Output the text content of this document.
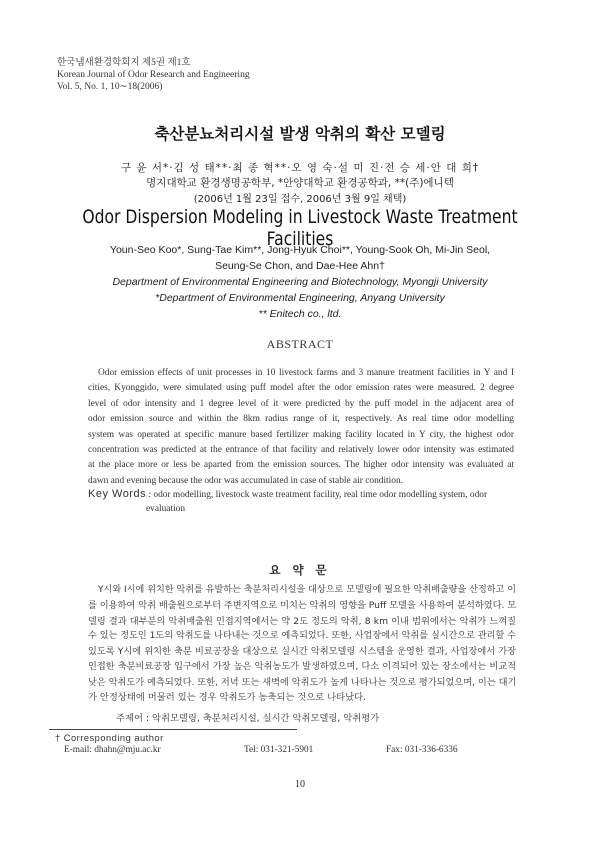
한국냄새환경학회지 제5권 제1호
Korean Journal of Odor Research and Engineering
Vol. 5, No. 1, 10∼18(2006)
축산분뇨처리시설 발생 악취의 확산 모델링
구 윤 서*·김 성 태**·최 종 혁**·오 영 숙·설 미 진·전 승 세·안 대 희†
명지대학교 환경생명공학부, *안양대학교 환경공학과, **(주)에니텍
(2006년 1월 23일 접수, 2006년 3월 9일 채택)
Odor Dispersion Modeling in Livestock Waste Treatment Facilities
Youn-Seo Koo*, Sung-Tae Kim**, Jong-Hyuk Choi**, Young-Sook Oh, Mi-Jin Seol,
Seung-Se Chon, and Dae-Hee Ahn†
Department of Environmental Engineering and Biotechnology, Myongji University
*Department of Environmental Engineering, Anyang University
** Enitech co., ltd.
ABSTRACT
Odor emission effects of unit processes in 10 livestock farms and 3 manure treatment facilities in Y and I
cities, Kyonggido, were simulated using puff model after the odor emission rates were measured. 2 degree
level of odor intensity and 1 degree level of it were predicted by the puff model in the adjacent area of
odor emission source and within the 8km radius range of it, respectively. As real time odor modelling
system was operated at specific manure based fertilizer making facility located in Y city, the highest odor
concentration was predicted at the entrance of that facility and relatively lower odor intensity was estimated
at the place more or less be aparted from the emission sources. The higher odor intensity was evaluated at
dawn and evening because the odor was accumulated in case of stable air condition.
Key Words : odor modelling, livestock waste treatment facility, real time odor modelling system, odor
evaluation
요 약 문
Y시와 I시에 위치한 악취를 유발하는 축분처리시설을 대상으로 모델링에 필요한 악취배출량을 산정하고 이
를 이용하여 악취 배출원으로부터 주변지역으로 미치는 악취의 영향을 Puff 모델을 사용하여 분석하였다. 모
델링 결과 대부분의 악취배출원 인접지역에서는 약 2도 정도의 악취, 8 km 이내 범위에서는 악취가 느껴질
수 있는 정도인 1도의 악취도를 나타내는 것으로 예측되었다. 또한, 사업장에서 악취를 실시간으로 관리할 수
있도록 Y시에 위치한 축분 비료공장을 대상으로 실시간 악취모델링 시스템을 운영한 결과, 사업장에서 가장
인접한 축분비료공장 입구에서 가장 높은 악취농도가 발생하였으며, 다소 이격되어 있는 장소에서는 비교적
낮은 악취도가 예측되었다. 또한, 저녁 또는 새벽에 악취도가 높게 나타나는 것으로 평가되었으며, 이는 대기
가 안정상태에 머물러 있는 경우 악취도가 농축되는 것으로 나타났다.
주제어 : 악취모델링, 축분처리시설, 실시간 악취모델링, 악취평가
† Corresponding author
E-mail: dhahn@mju.ac.kr	Tel: 031-321-5901	Fax: 031-336-6336
10
